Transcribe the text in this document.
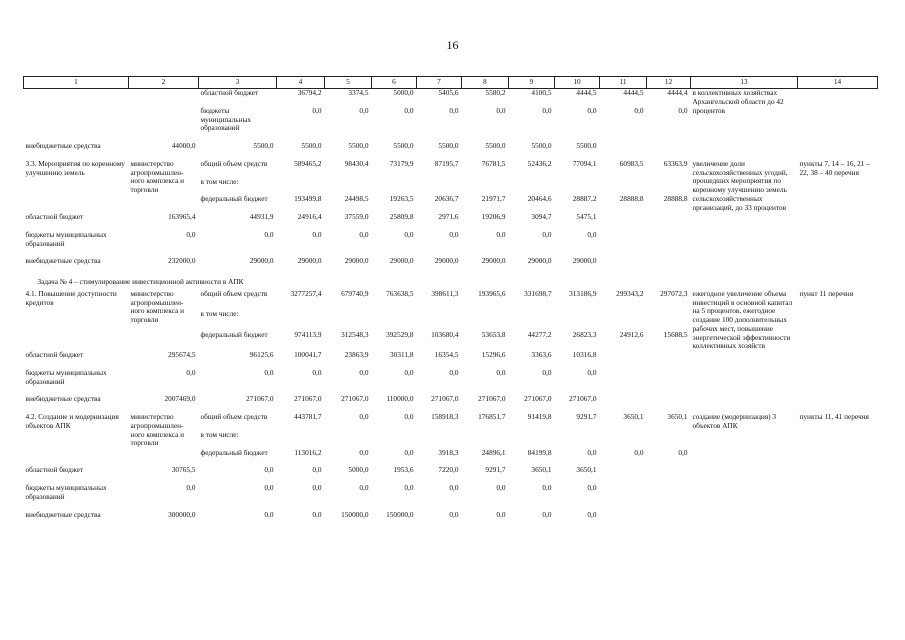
16
1	2	3	4	5	6	7	8	9	10	11	12	13	14
		областной бюджет	36794,2	3374,5	5000,0	5405,6	5580,2	4100,5	4444,5	4444,5	4444,4	в коллективных хозяйствах Архангельской области до 42 процентов	

		бюджеты муниципальных образований	0,0	0,0	0,0	0,0	0,0	0,0	0,0	0,0	0,0		

внебюджетные средства	44000,0	5500,0	5500,0	5500,0	5500,0	5500,0	5500,0	5500,0	5500,0				

3.3. Мероприятия по коренному улучшению земель	министерство агропромышлен-ного комплекса и торговли	общий объем средств	589465,2	98430,4	73179,9	87195,7	76781,5	52436,2	77094,1	60983,5	63363,9	увеличение доли сельскохозяйственных угодий, прошедших мероприятия по коренному улучшению земель сельскохозяйственных организаций, до 33 процентов	пункты 7, 14 – 16, 21 – 22, 38 – 40 перечня

		в том числе:											

		федеральный бюджет	193499,8	24498,5	19263,5	20636,7	21971,7	20464,6	28887,2	28888,8	28888,8		

областной бюджет	163965,4	44931,9	24916,4	37559,0	25809,8	2971,6	19206,9	3094,7	5475,1				

бюджеты муниципальных образований	0,0	0,0	0,0	0,0	0,0	0,0	0,0	0,0	0,0				

внебюджетные средства	232000,0	29000,0	29000,0	29000,0	29000,0	29000,0	29000,0	29000,0	29000,0				

Задача № 4 – стимулирование инвестиционной активности в АПК													
4.1. Повышение доступности кредитов	министерство агропромышлен-ного комплекса и торговли	общий объем средств	3277257,4	679740,9	763638,5	398611,3	193965,6	331698,7	313186,9	299343,2	297072,3	ежегодное увеличение объема инвестиций в основной капитал на 5 процентов, ежегодное создание 100 дополнительных рабочих мест, повышение энергетической эффективности коллективных хозяйств	пункт 11 перечня

		в том числе:											

		федеральный бюджет	974113,9	312548,3	392529,8	103680,4	53653,8	44277,2	26823,3	24912,6	15688,5		

областной бюджет	295674,5	96125,6	100041,7	23863,9	30311,8	16354,5	15296,6	3363,6	10316,8				

бюджеты муниципальных образований	0,0	0,0	0,0	0,0	0,0	0,0	0,0	0,0	0,0				

внебюджетные средства	2007469,0	271067,0	271067,0	271067,0	110000,0	271067,0	271067,0	271067,0	271067,0				

4.2. Создание и модернизация объектов АПК	министерство агропромышлен-ного комплекса и торговли	общий объем средств	443781,7	0,0	0,0	158918,3	176851,7	91419,8	9291,7	3650,1	3650,1	создание (модернизация) 3 объектов АПК	пункты 11, 41 перечня

		в том числе:											

		федеральный бюджет	113016,2	0,0	0,0	3918,3	24896,1	84199,8	0,0	0,0	0,0		

областной бюджет	30765,5	0,0	0,0	5000,0	1953,6	7220,0	9291,7	3650,1	3650,1				

бюджеты муниципальных образований	0,0	0,0	0,0	0,0	0,0	0,0	0,0	0,0	0,0				

внебюджетные средства	300000,0	0,0	0,0	150000,0	150000,0	0,0	0,0	0,0	0,0				
